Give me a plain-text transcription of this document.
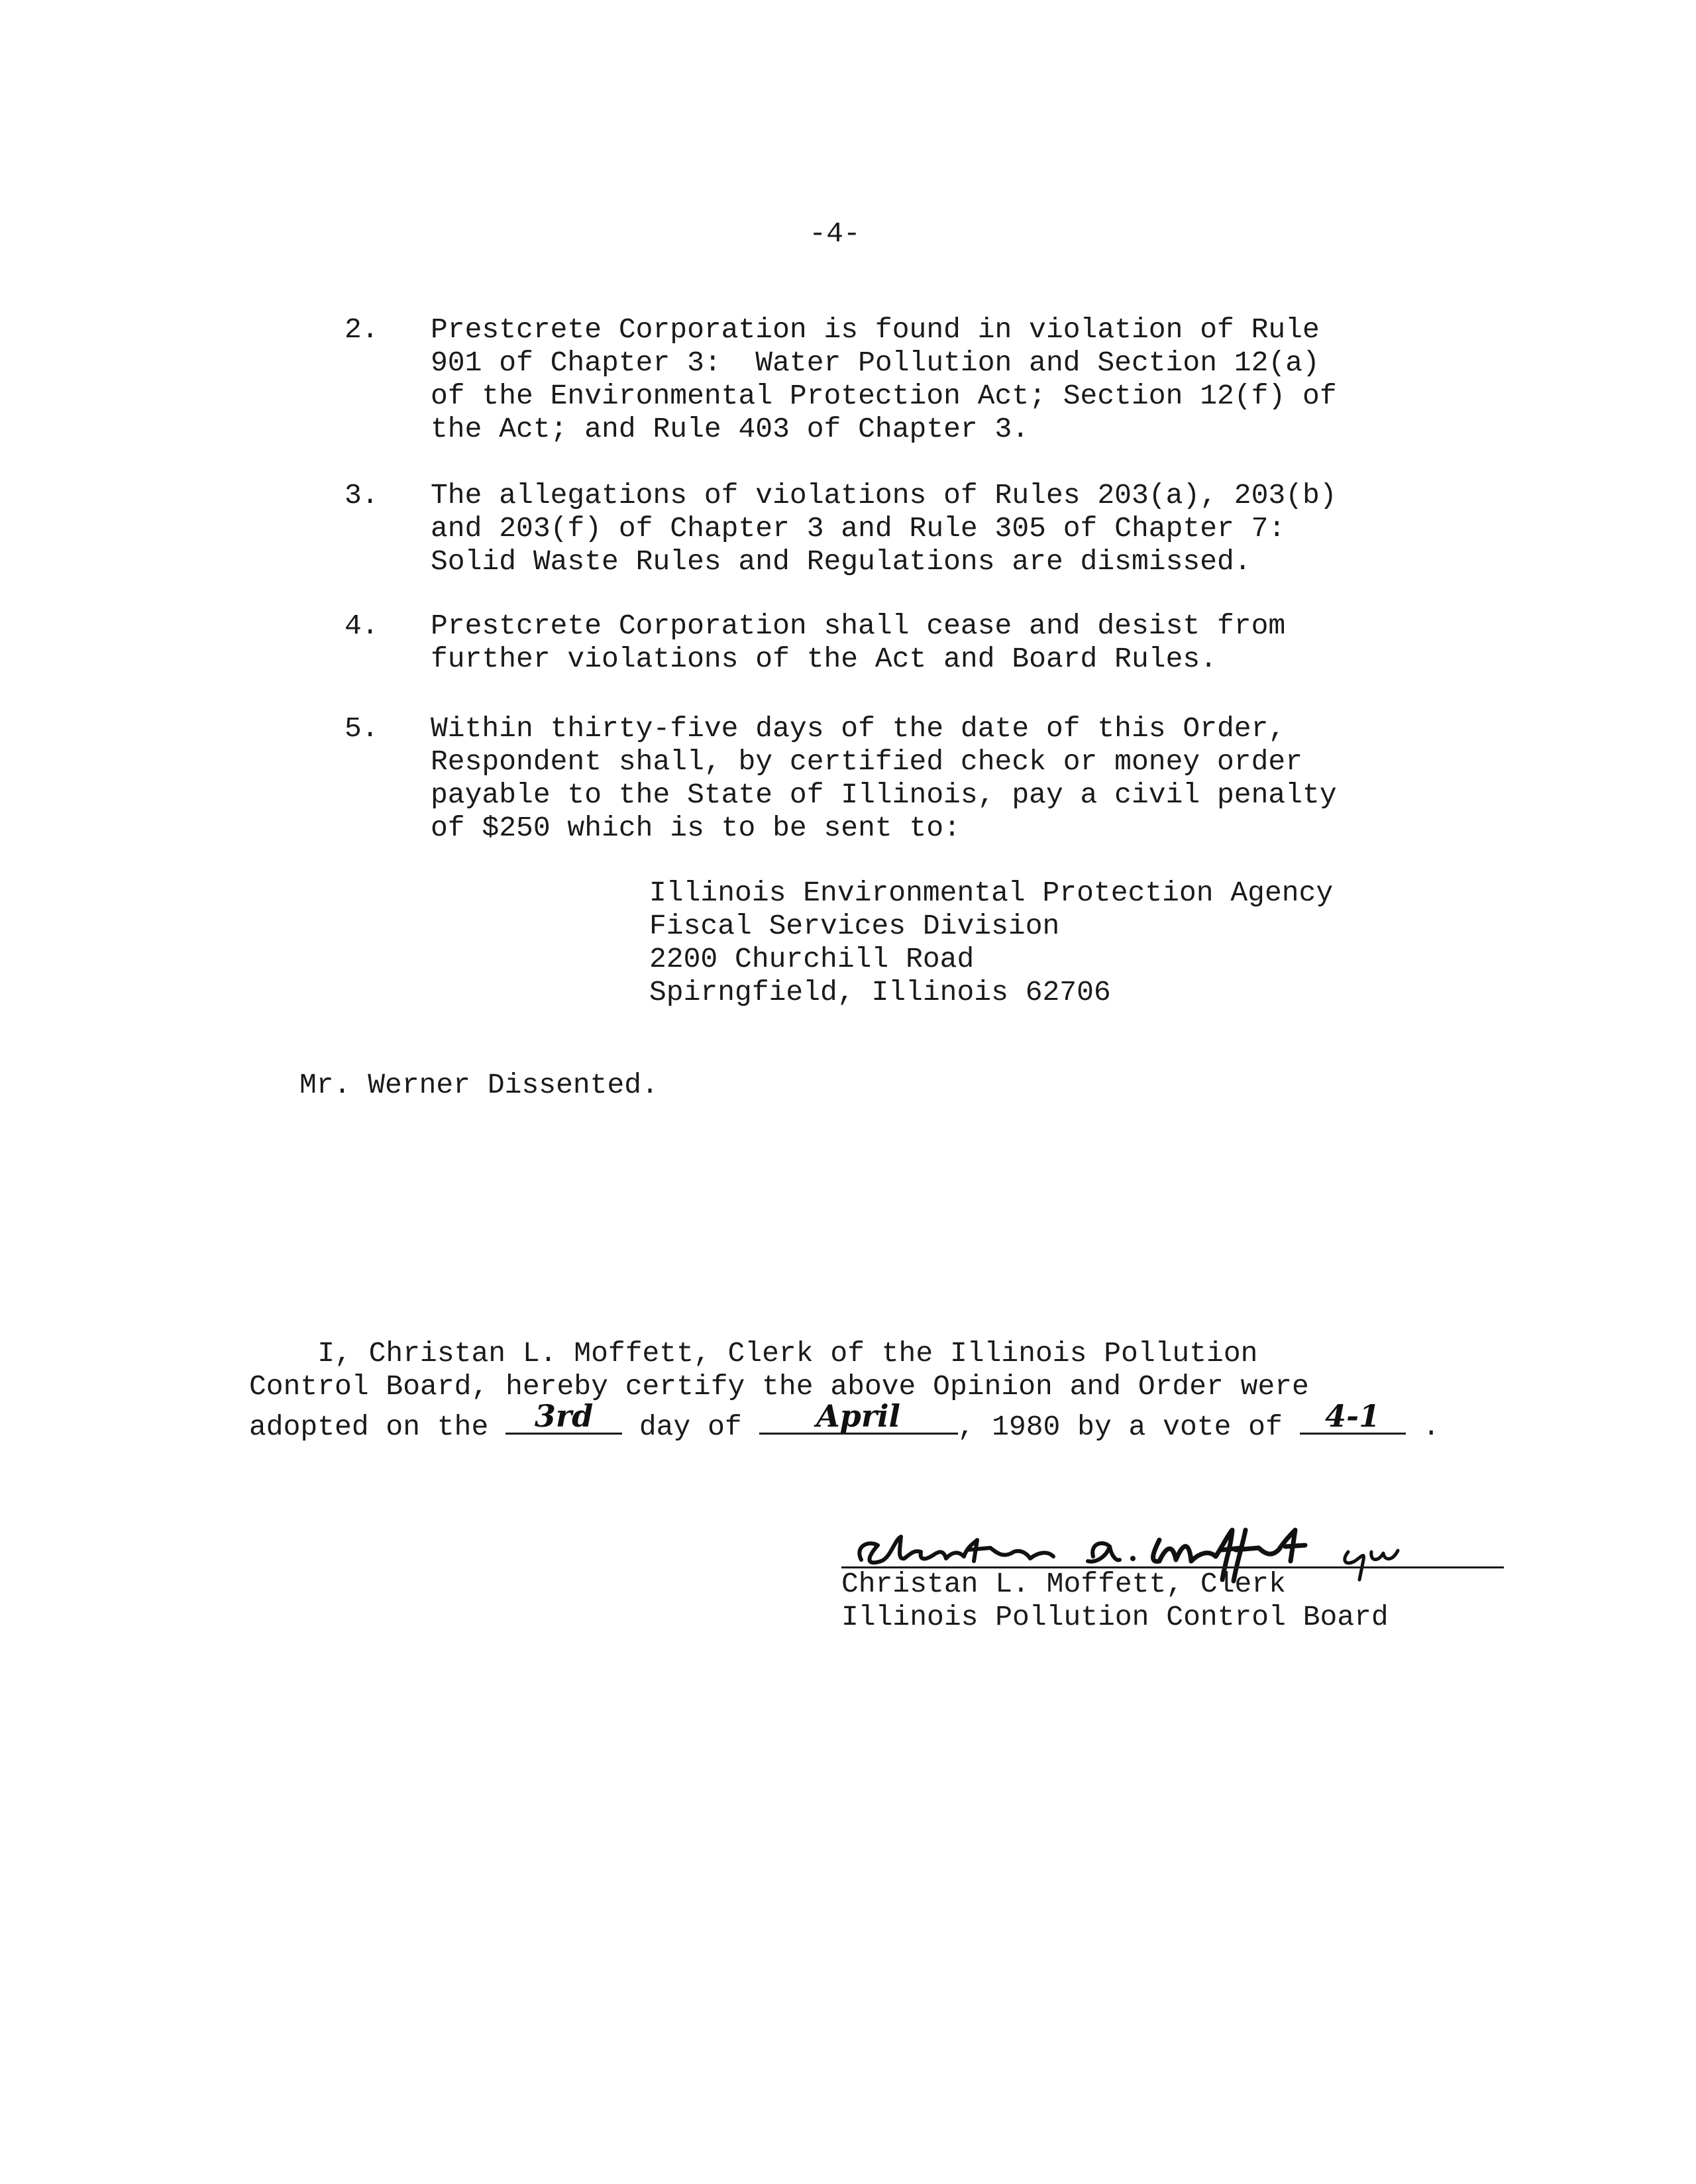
-4-
2. Prestcrete Corporation is found in violation of Rule
901 of Chapter 3:  Water Pollution and Section 12(a)
of the Environmental Protection Act; Section 12(f) of
the Act; and Rule 403 of Chapter 3.
3. The allegations of violations of Rules 203(a), 203(b)
and 203(f) of Chapter 3 and Rule 305 of Chapter 7:
Solid Waste Rules and Regulations are dismissed.
4. Prestcrete Corporation shall cease and desist from
further violations of the Act and Board Rules.
5. Within thirty-five days of the date of this Order,
Respondent shall, by certified check or money order
payable to the State of Illinois, pay a civil penalty
of $250 which is to be sent to:
Illinois Environmental Protection Agency
Fiscal Services Division
2200 Churchill Road
Spirngfield, Illinois 62706
Mr. Werner Dissented.
I, Christan L. Moffett, Clerk of the Illinois Pollution
Control Board, hereby certify the above Opinion and Order were
adopted on the 3rd	day of	April	, 1980 by a vote of 4-1 .
Christan L. Moffett, Clerk
Illinois Pollution Control Board
